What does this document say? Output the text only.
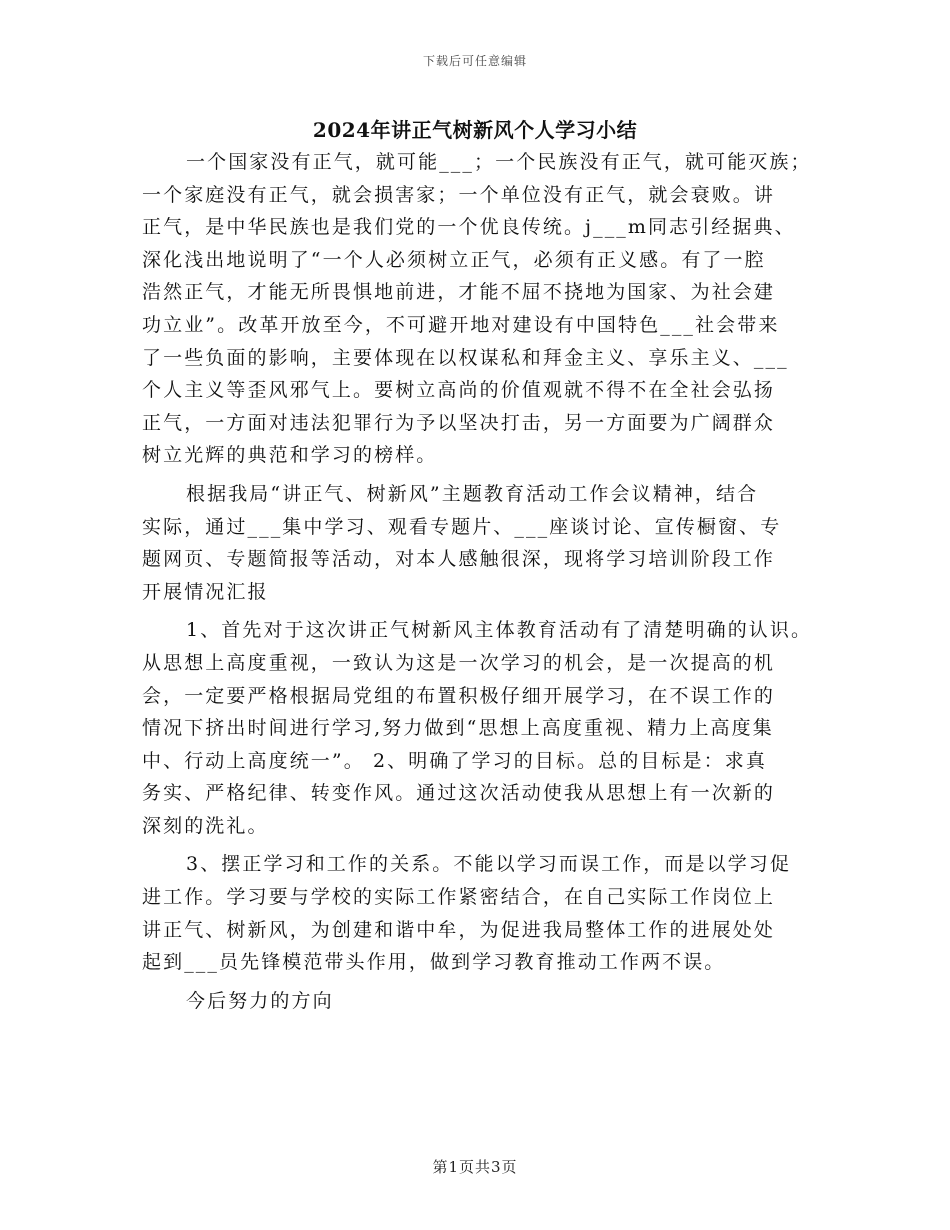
下载后可任意编辑
2024年讲正气树新风个人学习小结

一个国家没有正气，就可能___；一个民族没有正气，就可能灭族；
一个家庭没有正气，就会损害家；一个单位没有正气，就会衰败。讲
正气，是中华民族也是我们党的一个优良传统。j___m同志引经据典、
深化浅出地说明了“一个人必须树立正气，必须有正义感。有了一腔
浩然正气，才能无所畏惧地前进，才能不屈不挠地为国家、为社会建
功立业”。改革开放至今，不可避开地对建设有中国特色___社会带来
了一些负面的影响，主要体现在以权谋私和拜金主义、享乐主义、___
个人主义等歪风邪气上。要树立高尚的价值观就不得不在全社会弘扬
正气，一方面对违法犯罪行为予以坚决打击，另一方面要为广阔群众
树立光辉的典范和学习的榜样。

根据我局“讲正气、树新风”主题教育活动工作会议精神，结合
实际，通过___集中学习、观看专题片、___座谈讨论、宣传橱窗、专
题网页、专题简报等活动，对本人感触很深，现将学习培训阶段工作
开展情况汇报

1、首先对于这次讲正气树新风主体教育活动有了清楚明确的认识。
从思想上高度重视，一致认为这是一次学习的机会，是一次提高的机
会，一定要严格根据局党组的布置积极仔细开展学习，在不误工作的
情况下挤出时间进行学习,努力做到“思想上高度重视、精力上高度集
中、行动上高度统一”。 2、明确了学习的目标。总的目标是：求真
务实、严格纪律、转变作风。通过这次活动使我从思想上有一次新的
深刻的洗礼。

3、摆正学习和工作的关系。不能以学习而误工作，而是以学习促
进工作。学习要与学校的实际工作紧密结合，在自己实际工作岗位上
讲正气、树新风，为创建和谐中牟，为促进我局整体工作的进展处处
起到___员先锋模范带头作用，做到学习教育推动工作两不误。

今后努力的方向

第1页共3页
